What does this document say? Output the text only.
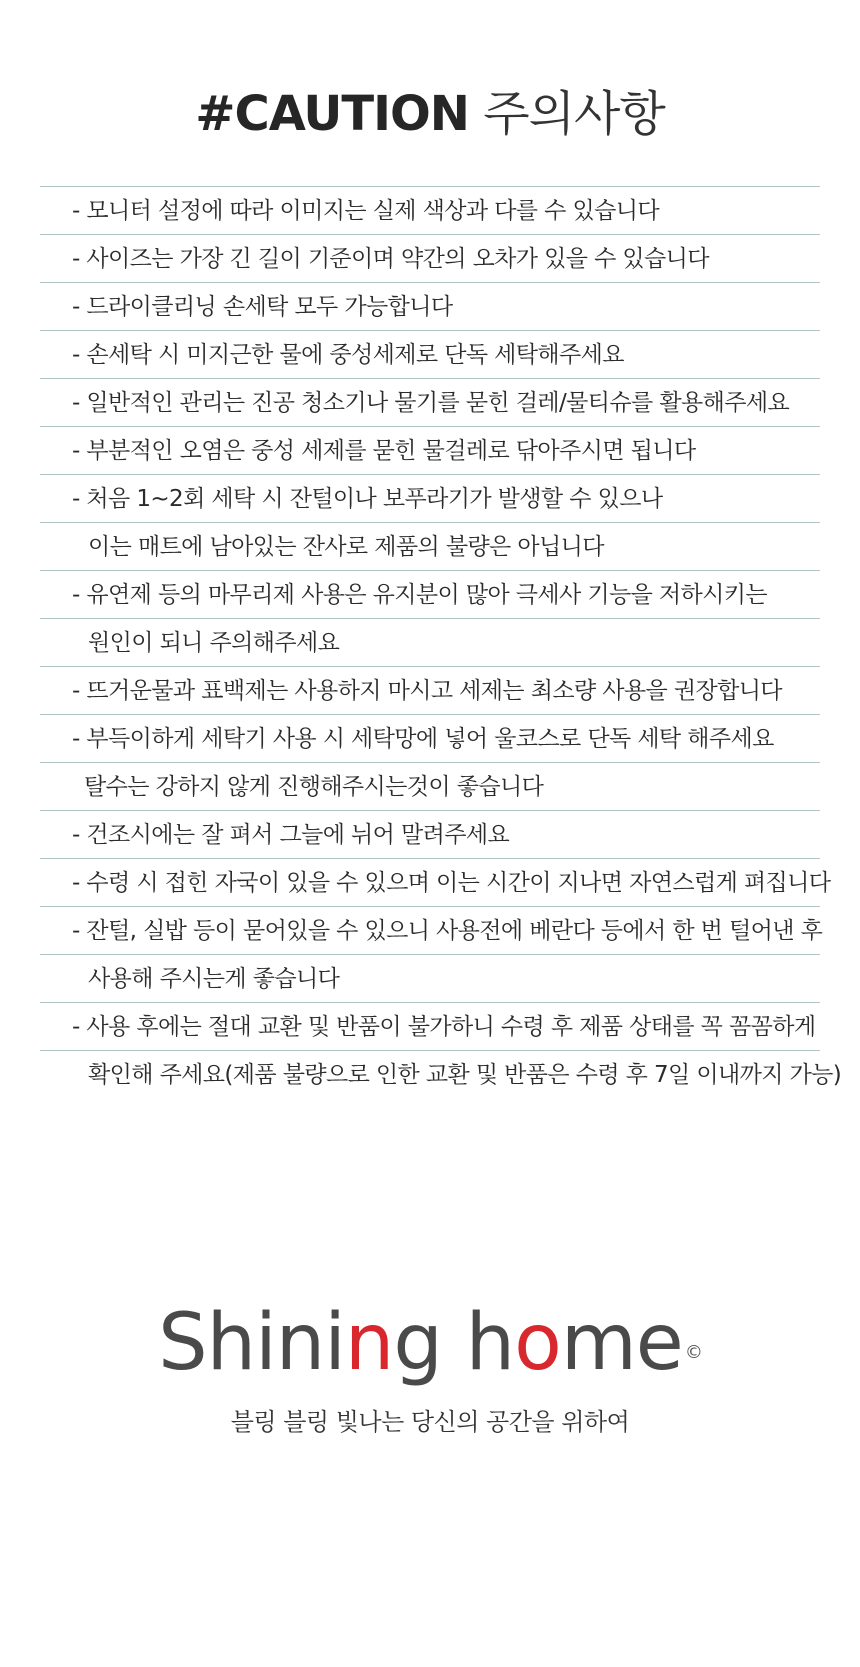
#CAUTION 주의사항
- 모니터 설정에 따라 이미지는 실제 색상과 다를 수 있습니다
- 사이즈는 가장 긴 길이 기준이며 약간의 오차가 있을 수 있습니다
- 드라이클리닝 손세탁 모두 가능합니다
- 손세탁 시 미지근한 물에 중성세제로 단독 세탁해주세요
- 일반적인 관리는 진공 청소기나 물기를 묻힌 걸레/물티슈를 활용해주세요
- 부분적인 오염은 중성 세제를 묻힌 물걸레로 닦아주시면 됩니다
- 처음 1~2회 세탁 시 잔털이나 보푸라기가 발생할 수 있으나
이는 매트에 남아있는 잔사로 제품의 불량은 아닙니다
- 유연제 등의 마무리제 사용은 유지분이 많아 극세사 기능을 저하시키는
원인이 되니 주의해주세요
- 뜨거운물과 표백제는 사용하지 마시고 세제는 최소량 사용을 권장합니다
- 부득이하게 세탁기 사용 시 세탁망에 넣어 울코스로 단독 세탁 해주세요
탈수는 강하지 않게 진행해주시는것이 좋습니다
- 건조시에는 잘 펴서 그늘에 뉘어 말려주세요
- 수령 시 접힌 자국이 있을 수 있으며 이는 시간이 지나면 자연스럽게 펴집니다
- 잔털, 실밥 등이 묻어있을 수 있으니 사용전에 베란다 등에서 한 번 털어낸 후
사용해 주시는게 좋습니다
- 사용 후에는 절대 교환 및 반품이 불가하니 수령 후 제품 상태를 꼭 꼼꼼하게
확인해 주세요(제품 불량으로 인한 교환 및 반품은 수령 후 7일 이내까지 가능)
Shining home ©
블링 블링 빛나는 당신의 공간을 위하여
